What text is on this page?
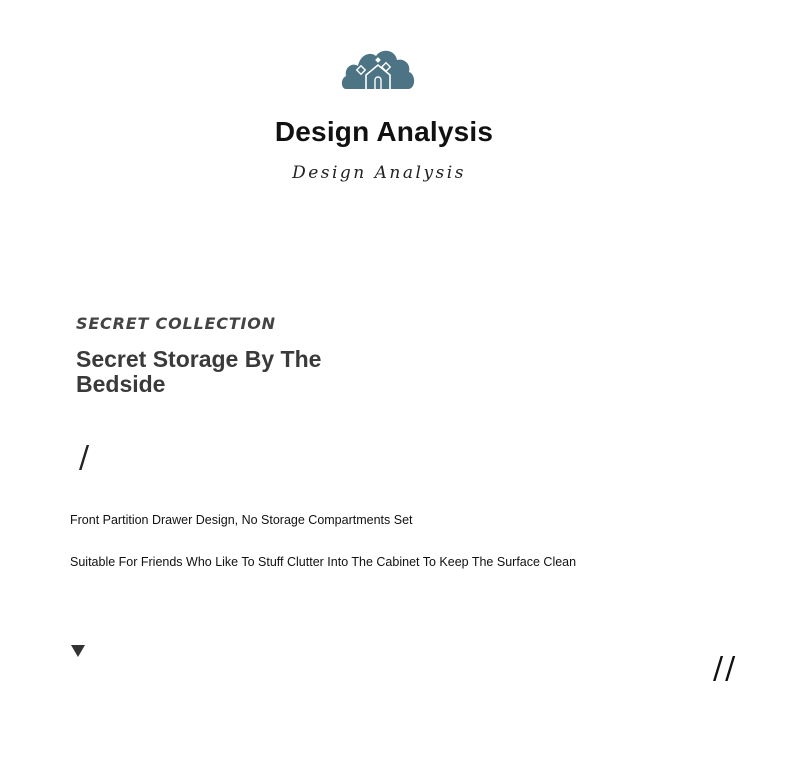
Design Analysis

Design Analysis

SECRET COLLECTION

Secret Storage By The Bedside
/

Front Partition Drawer Design, No Storage Compartments Set

Suitable For Friends Who Like To Stuff Clutter Into The Cabinet To Keep The Surface Clean

//
